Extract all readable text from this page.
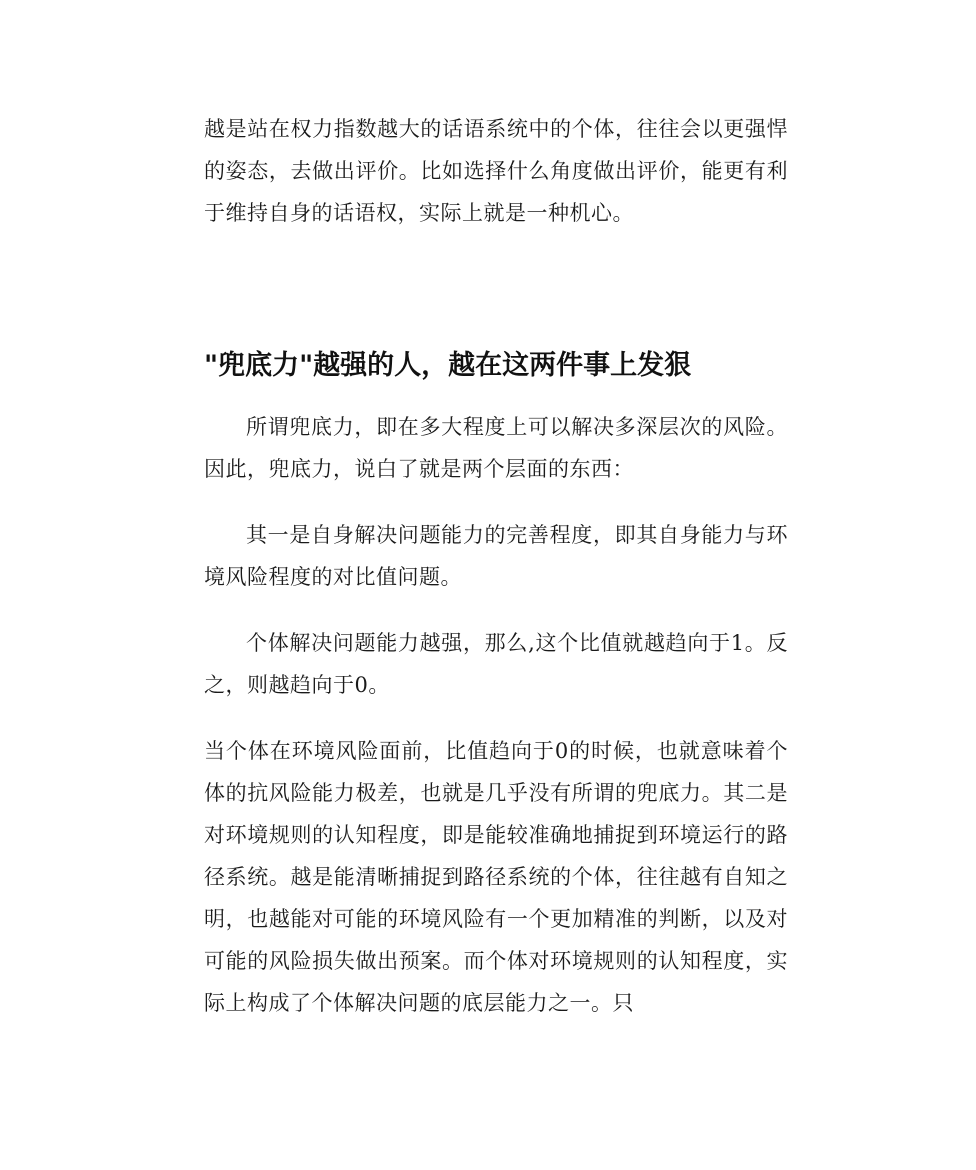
越是站在权力指数越大的话语系统中的个体，往往会以更强悍的姿态，去做出评价。比如选择什么角度做出评价，能更有利于维持自身的话语权，实际上就是一种机心。

"兜底力"越强的人，越在这两件事上发狠

所谓兜底力，即在多大程度上可以解决多深层次的风险。因此，兜底力，说白了就是两个层面的东西：

其一是自身解决问题能力的完善程度，即其自身能力与环境风险程度的对比值问题。

个体解决问题能力越强，那么,这个比值就越趋向于1。反之，则越趋向于0。

当个体在环境风险面前，比值趋向于0的时候，也就意味着个体的抗风险能力极差，也就是几乎没有所谓的兜底力。其二是对环境规则的认知程度，即是能较准确地捕捉到环境运行的路径系统。越是能清晰捕捉到路径系统的个体，往往越有自知之明，也越能对可能的环境风险有一个更加精准的判断，以及对可能的风险损失做出预案。而个体对环境规则的认知程度，实际上构成了个体解决问题的底层能力之一。只
